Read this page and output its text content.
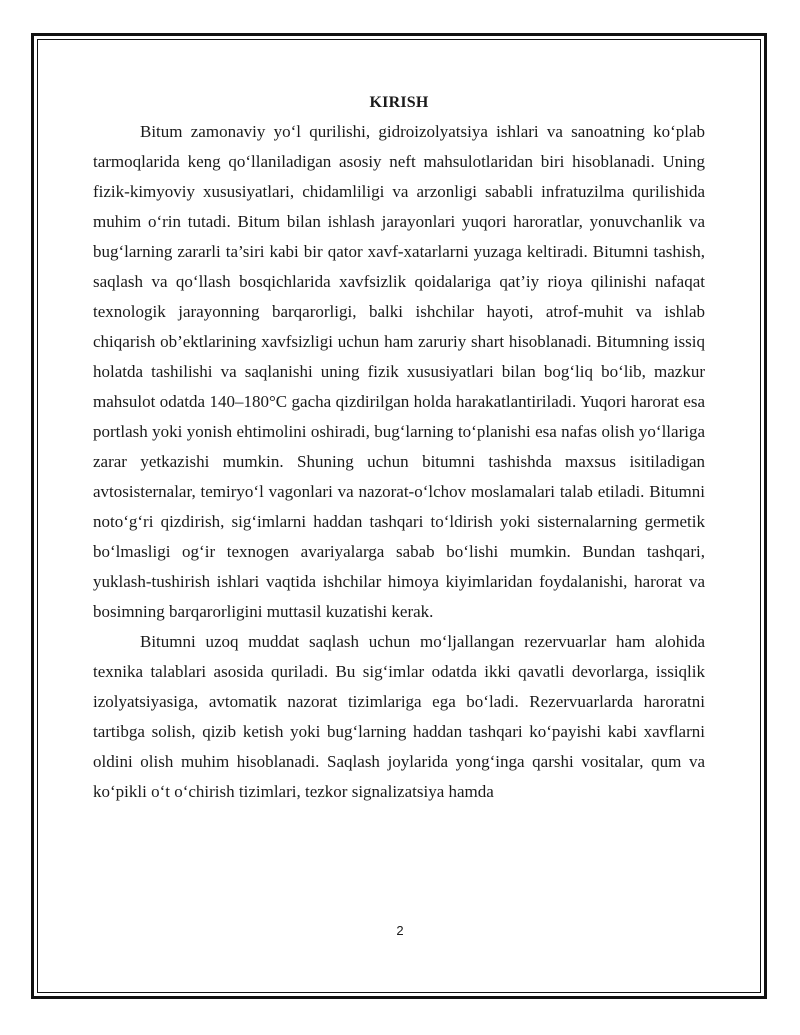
KIRISH

Bitum zamonaviy yo‘l qurilishi, gidroizolyatsiya ishlari va sanoatning ko‘plab tarmoqlarida keng qo‘llaniladigan asosiy neft mahsulotlaridan biri hisoblanadi. Uning fizik-kimyoviy xususiyatlari, chidamliligi va arzonligi sababli infratuzilma qurilishida muhim o‘rin tutadi. Bitum bilan ishlash jarayonlari yuqori haroratlar, yonuvchanlik va bug‘larning zararli ta’siri kabi bir qator xavf-xatarlarni yuzaga keltiradi. Bitumni tashish, saqlash va qo‘llash bosqichlarida xavfsizlik qoidalariga qat’iy rioya qilinishi nafaqat texnologik jarayonning barqarorligi, balki ishchilar hayoti, atrof-muhit va ishlab chiqarish ob’ektlarining xavfsizligi uchun ham zaruriy shart hisoblanadi. Bitumning issiq holatda tashilishi va saqlanishi uning fizik xususiyatlari bilan bog‘liq bo‘lib, mazkur mahsulot odatda 140–180°C gacha qizdirilgan holda harakatlantiriladi. Yuqori harorat esa portlash yoki yonish ehtimolini oshiradi, bug‘larning to‘planishi esa nafas olish yo‘llariga zarar yetkazishi mumkin. Shuning uchun bitumni tashishda maxsus isitiladigan avtosisternalar, temiryo‘l vagonlari va nazorat-o‘lchov moslamalari talab etiladi. Bitumni noto‘g‘ri qizdirish, sig‘imlarni haddan tashqari to‘ldirish yoki sisternalarning germetik bo‘lmasligi og‘ir texnogen avariyalarga sabab bo‘lishi mumkin. Bundan tashqari, yuklash-tushirish ishlari vaqtida ishchilar himoya kiyimlaridan foydalanishi, harorat va bosimning barqarorligini muttasil kuzatishi kerak.

Bitumni uzoq muddat saqlash uchun mo‘ljallangan rezervuarlar ham alohida texnika talablari asosida quriladi. Bu sig‘imlar odatda ikki qavatli devorlarga, issiqlik izolyatsiyasiga, avtomatik nazorat tizimlariga ega bo‘ladi. Rezervuarlarda haroratni tartibga solish, qizib ketish yoki bug‘larning haddan tashqari ko‘payishi kabi xavflarni oldini olish muhim hisoblanadi. Saqlash joylarida yong‘inga qarshi vositalar, qum va ko‘pikli o‘t o‘chirish tizimlari, tezkor signalizatsiya hamda

2
